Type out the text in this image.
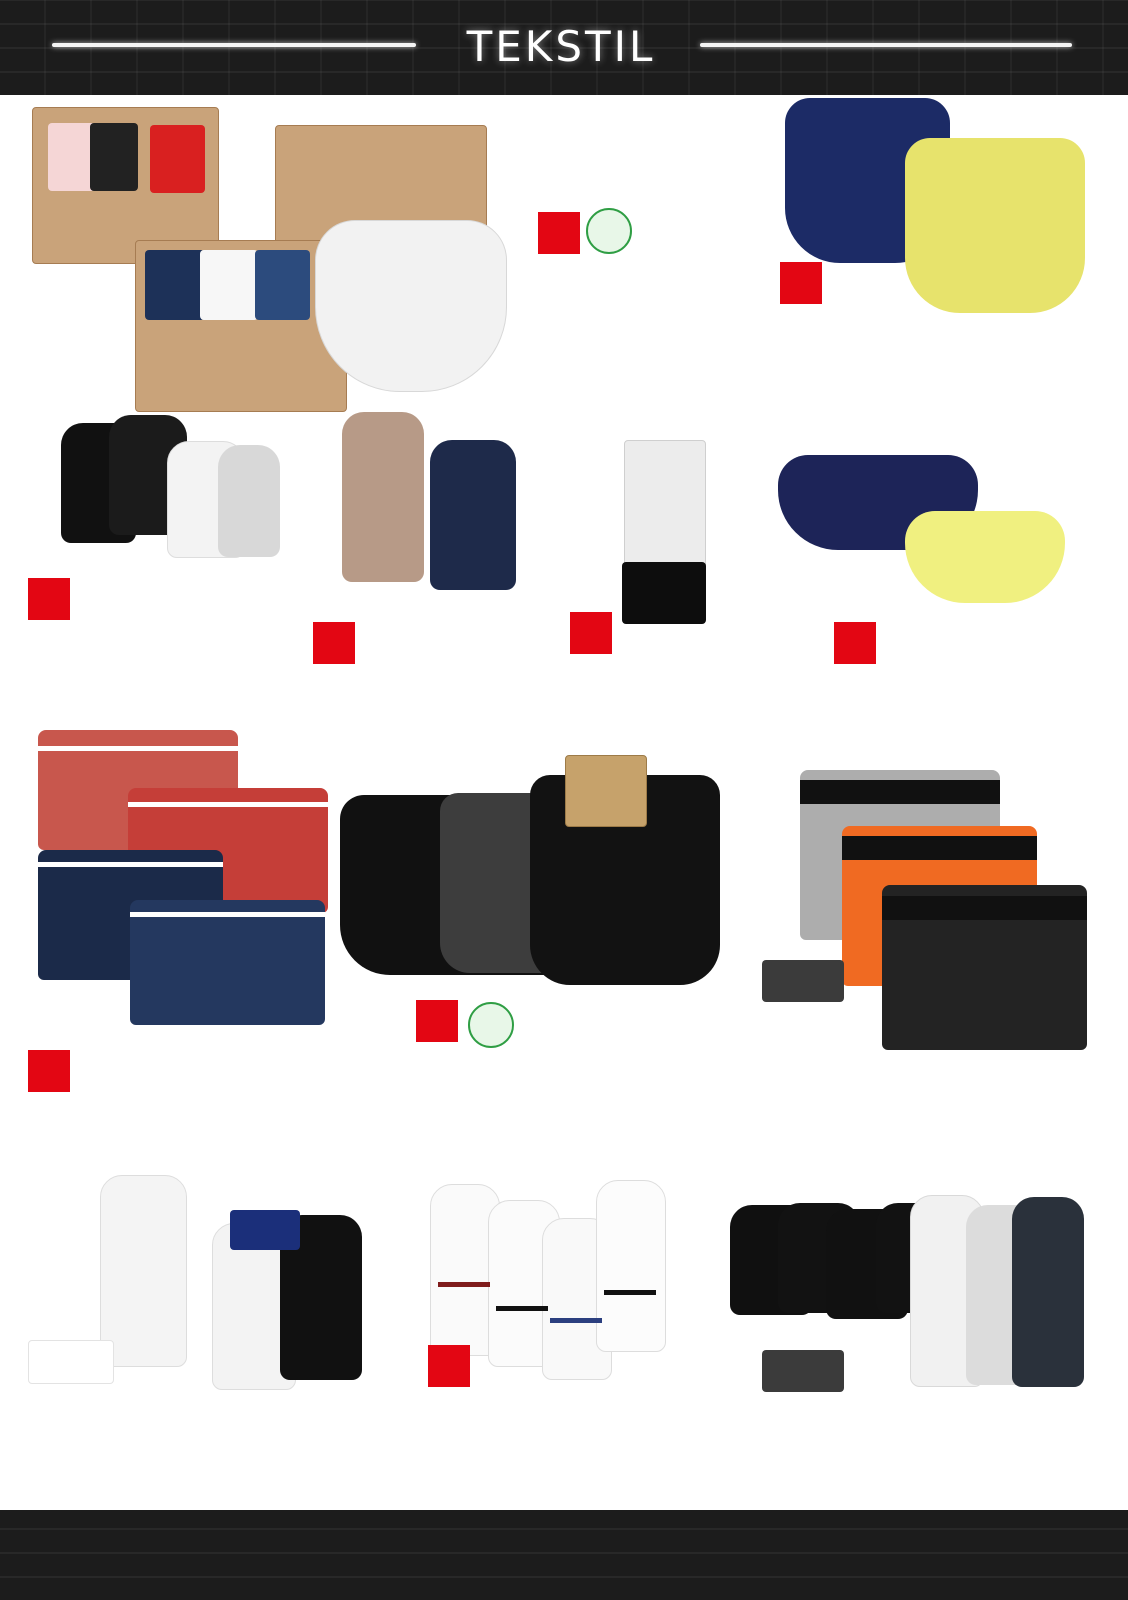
TEKSTIL
